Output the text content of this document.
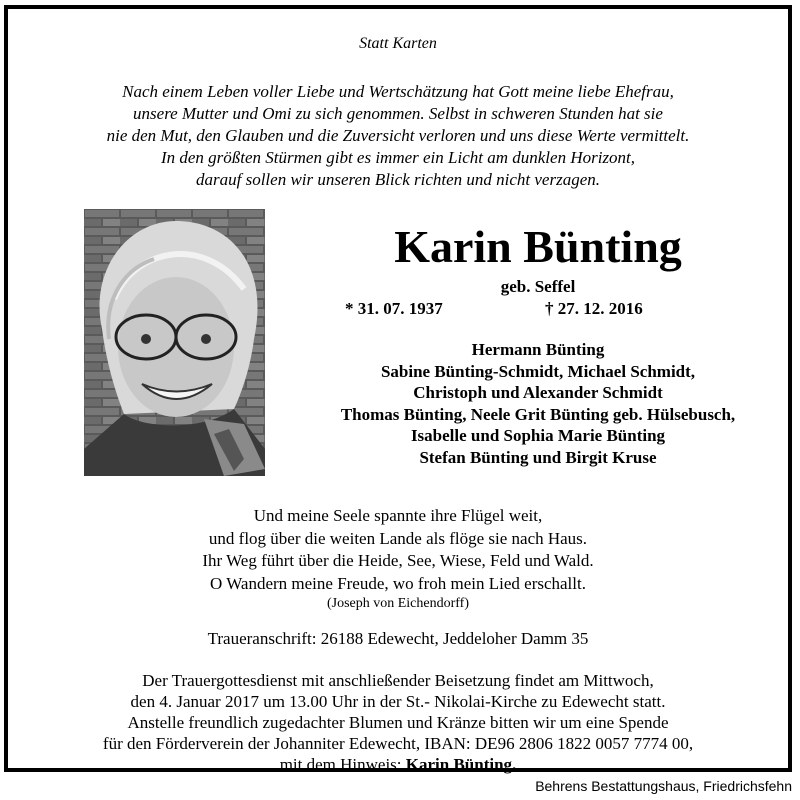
Statt Karten
Nach einem Leben voller Liebe und Wertschätzung hat Gott meine liebe Ehefrau,
unsere Mutter und Omi zu sich genommen. Selbst in schweren Stunden hat sie
nie den Mut, den Glauben und die Zuversicht verloren und uns diese Werte vermittelt.
In den größten Stürmen gibt es immer ein Licht am dunklen Horizont,
darauf sollen wir unseren Blick richten und nicht verzagen.
Karin Bünting
geb. Seffel
* 31. 07. 1937	† 27. 12. 2016
Hermann Bünting
Sabine Bünting-Schmidt, Michael Schmidt,
Christoph und Alexander Schmidt
Thomas Bünting, Neele Grit Bünting geb. Hülsebusch,
Isabelle und Sophia Marie Bünting
Stefan Bünting und Birgit Kruse
Und meine Seele spannte ihre Flügel weit,
und flog über die weiten Lande als flöge sie nach Haus.
Ihr Weg führt über die Heide, See, Wiese, Feld und Wald.
O Wandern meine Freude, wo froh mein Lied erschallt.
(Joseph von Eichendorff)
Traueranschrift: 26188 Edewecht, Jeddeloher Damm 35
Der Trauergottesdienst mit anschließender Beisetzung findet am Mittwoch,
den 4. Januar 2017 um 13.00 Uhr in der St.- Nikolai-Kirche zu Edewecht statt.
Anstelle freundlich zugedachter Blumen und Kränze bitten wir um eine Spende
für den Förderverein der Johanniter Edewecht, IBAN: DE96 2806 1822 0057 7774 00,
mit dem Hinweis: Karin Bünting.
Behrens Bestattungshaus, Friedrichsfehn
